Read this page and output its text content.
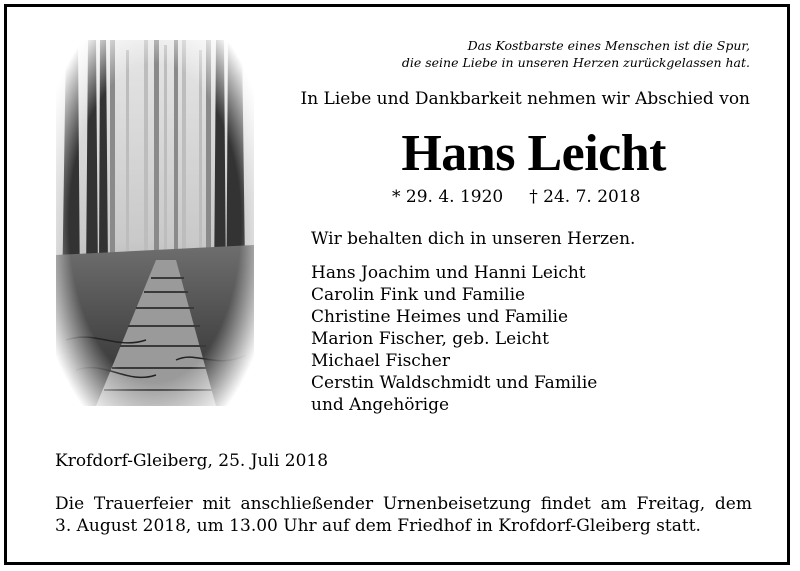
Das Kostbarste eines Menschen ist die Spur,
die seine Liebe in unseren Herzen zurückgelassen hat.
In Liebe und Dankbarkeit nehmen wir Abschied von
Hans Leicht
* 29. 4. 1920 † 24. 7. 2018
Wir behalten dich in unseren Herzen.
Hans Joachim und Hanni Leicht
Carolin Fink und Familie
Christine Heimes und Familie
Marion Fischer, geb. Leicht
Michael Fischer
Cerstin Waldschmidt und Familie
und Angehörige
Krofdorf-Gleiberg, 25. Juli 2018
Die Trauerfeier mit anschließender Urnenbeisetzung findet am Freitag, dem
3. August 2018, um 13.00 Uhr auf dem Friedhof in Krofdorf-Gleiberg statt.
